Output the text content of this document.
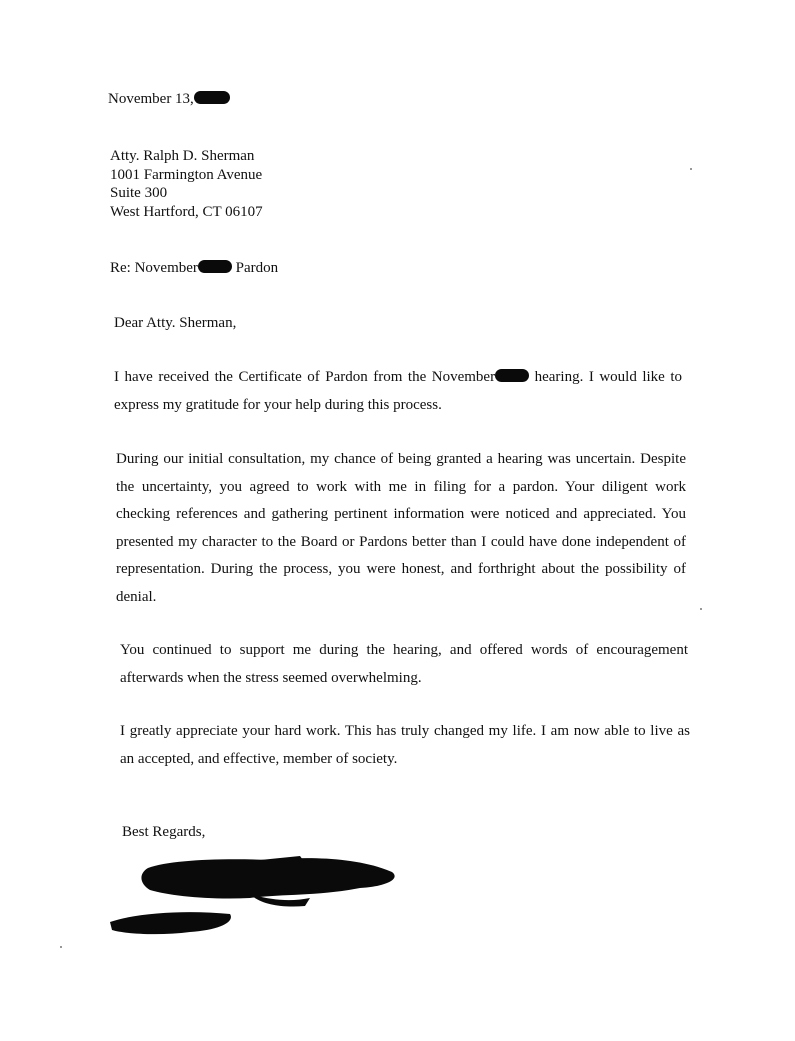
November 13,
Atty. Ralph D. Sherman
1001 Farmington Avenue
Suite 300
West Hartford, CT 06107
Re: November Pardon
Dear Atty. Sherman,
I have received the Certificate of Pardon from the November hearing. I would like to express my gratitude for your help during this process.
During our initial consultation, my chance of being granted a hearing was uncertain. Despite the uncertainty, you agreed to work with me in filing for a pardon. Your diligent work checking references and gathering pertinent information were noticed and appreciated. You presented my character to the Board or Pardons better than I could have done independent of representation. During the process, you were honest, and forthright about the possibility of denial.
You continued to support me during the hearing, and offered words of encouragement afterwards when the stress seemed overwhelming.
I greatly appreciate your hard work. This has truly changed my life. I am now able to live as an accepted, and effective, member of society.
Best Regards,
